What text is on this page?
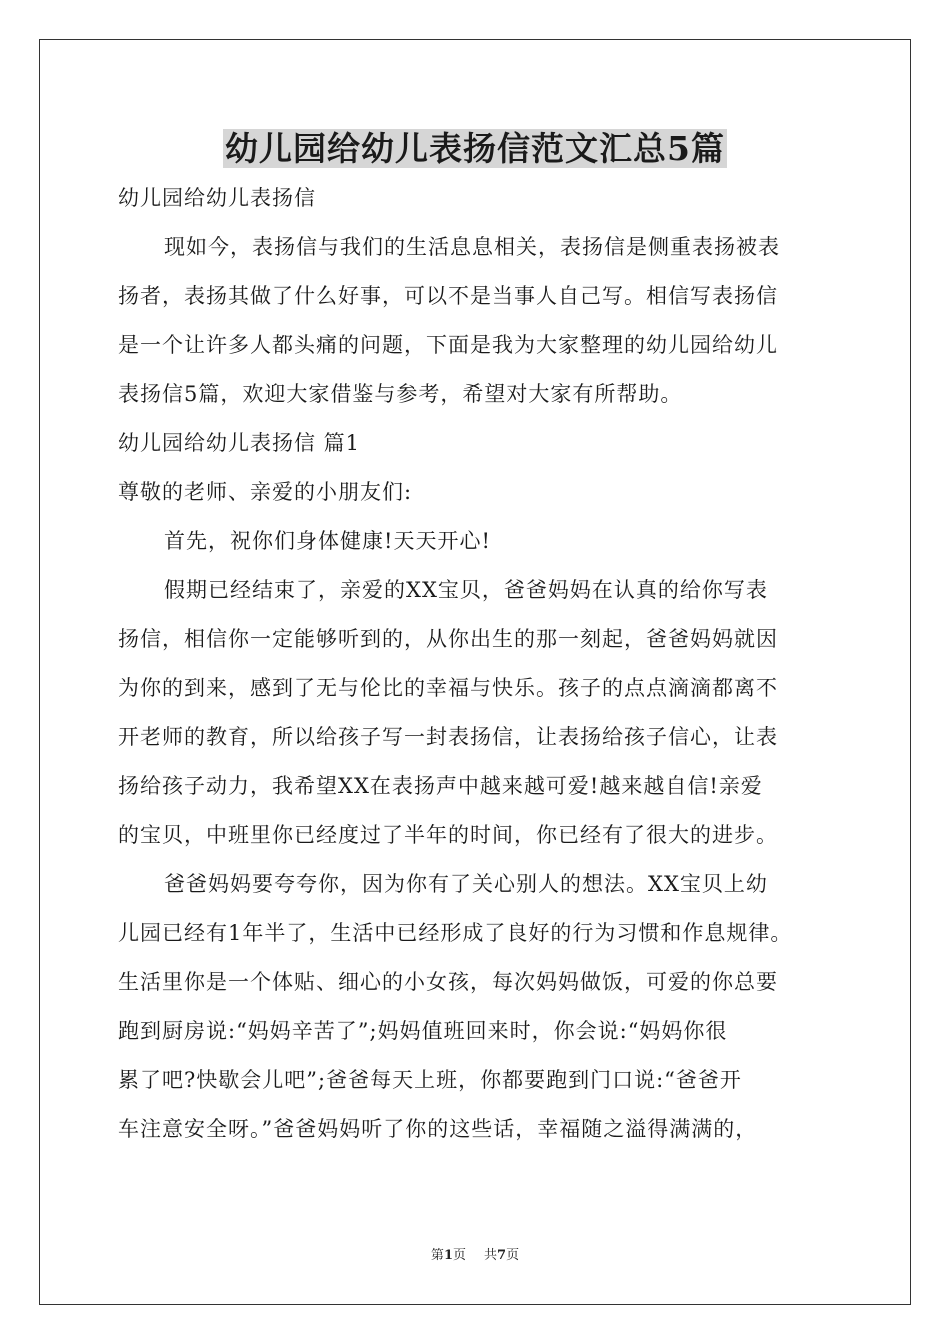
幼儿园给幼儿表扬信范文汇总5篇

幼儿园给幼儿表扬信

现如今，表扬信与我们的生活息息相关，表扬信是侧重表扬被表

扬者，表扬其做了什么好事，可以不是当事人自己写。相信写表扬信

是一个让许多人都头痛的问题，下面是我为大家整理的幼儿园给幼儿

表扬信5篇，欢迎大家借鉴与参考，希望对大家有所帮助。

幼儿园给幼儿表扬信 篇1

尊敬的老师、亲爱的小朋友们:

首先，祝你们身体健康!天天开心!

假期已经结束了，亲爱的XX宝贝，爸爸妈妈在认真的给你写表

扬信，相信你一定能够听到的，从你出生的那一刻起，爸爸妈妈就因

为你的到来，感到了无与伦比的幸福与快乐。孩子的点点滴滴都离不

开老师的教育，所以给孩子写一封表扬信，让表扬给孩子信心，让表

扬给孩子动力，我希望XX在表扬声中越来越可爱!越来越自信!亲爱

的宝贝，中班里你已经度过了半年的时间，你已经有了很大的进步。

爸爸妈妈要夸夸你，因为你有了关心别人的想法。XX宝贝上幼

儿园已经有1年半了，生活中已经形成了良好的行为习惯和作息规律。

生活里你是一个体贴、细心的小女孩，每次妈妈做饭，可爱的你总要

跑到厨房说:“妈妈辛苦了”;妈妈值班回来时，你会说:“妈妈你很

累了吧?快歇会儿吧”;爸爸每天上班，你都要跑到门口说:“爸爸开

车注意安全呀。”爸爸妈妈听了你的这些话，幸福随之溢得满满的，

第1页 共7页
